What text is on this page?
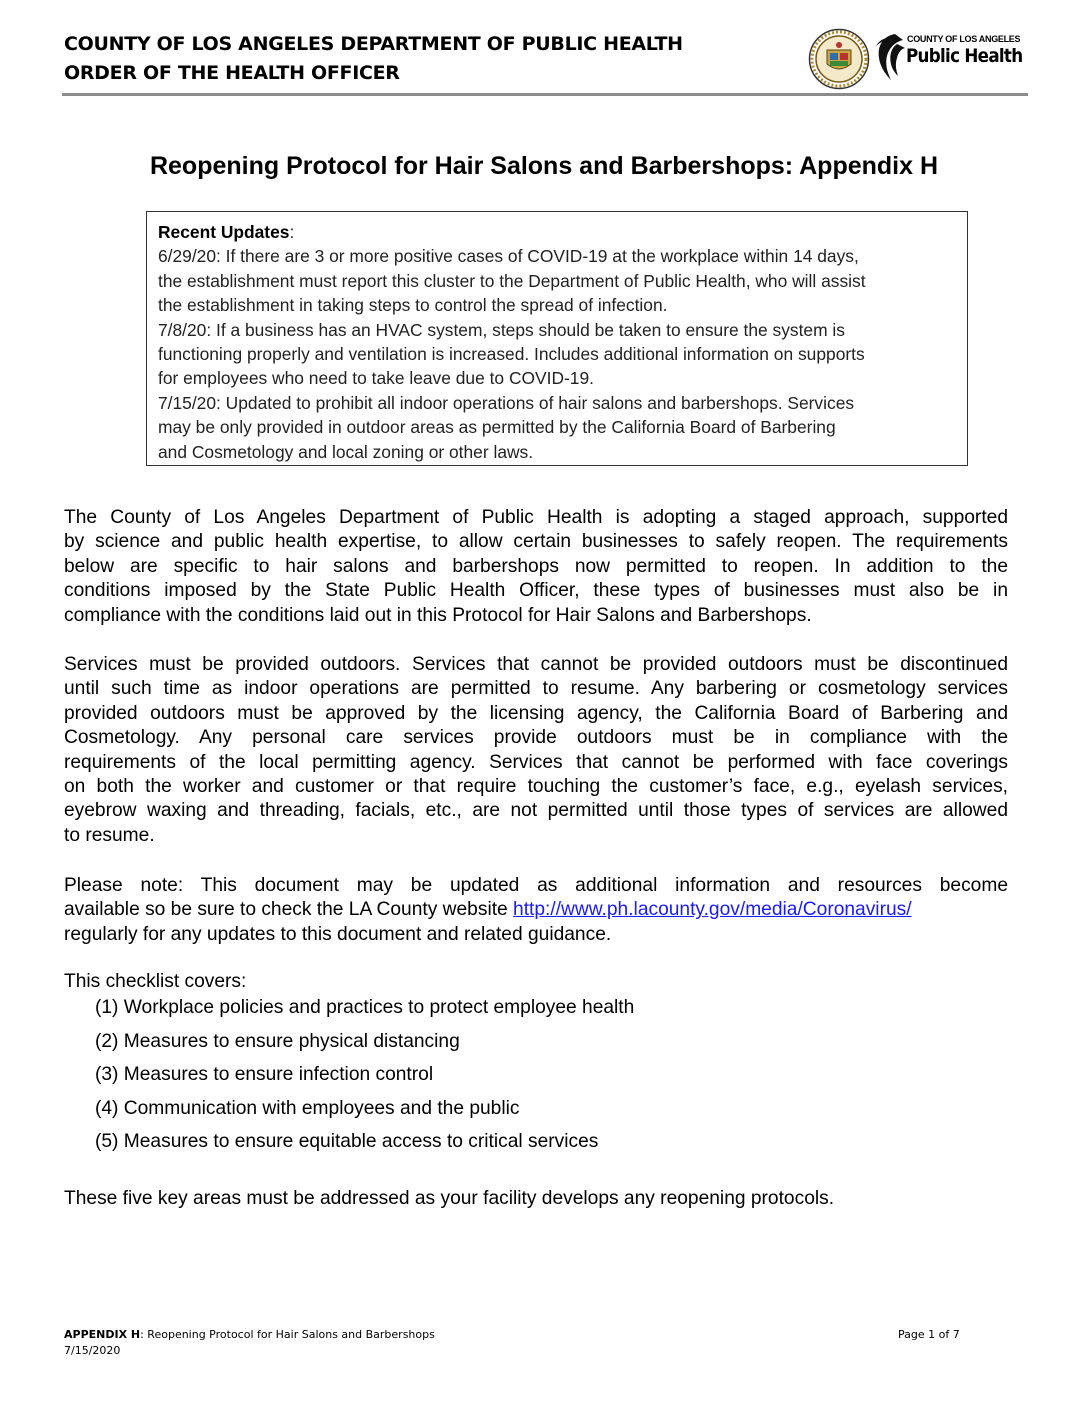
COUNTY OF LOS ANGELES DEPARTMENT OF PUBLIC HEALTH
ORDER OF THE HEALTH OFFICER
COUNTY OF LOS ANGELES
Public Health
Reopening Protocol for Hair Salons and Barbershops: Appendix H
Recent Updates:
6/29/20: If there are 3 or more positive cases of COVID-19 at the workplace within 14 days,
the establishment must report this cluster to the Department of Public Health, who will assist
the establishment in taking steps to control the spread of infection.
7/8/20: If a business has an HVAC system, steps should be taken to ensure the system is
functioning properly and ventilation is increased. Includes additional information on supports
for employees who need to take leave due to COVID-19.
7/15/20: Updated to prohibit all indoor operations of hair salons and barbershops. Services
may be only provided in outdoor areas as permitted by the California Board of Barbering
and Cosmetology and local zoning or other laws.
The County of Los Angeles Department of Public Health is adopting a staged approach, supported
by science and public health expertise, to allow certain businesses to safely reopen. The requirements
below are specific to hair salons and barbershops now permitted to reopen. In addition to the
conditions imposed by the State Public Health Officer, these types of businesses must also be in
compliance with the conditions laid out in this Protocol for Hair Salons and Barbershops.
Services must be provided outdoors. Services that cannot be provided outdoors must be discontinued
until such time as indoor operations are permitted to resume. Any barbering or cosmetology services
provided outdoors must be approved by the licensing agency, the California Board of Barbering and
Cosmetology. Any personal care services provide outdoors must be in compliance with the
requirements of the local permitting agency. Services that cannot be performed with face coverings
on both the worker and customer or that require touching the customer’s face, e.g., eyelash services,
eyebrow waxing and threading, facials, etc., are not permitted until those types of services are allowed
to resume.
Please note: This document may be updated as additional information and resources become
available so be sure to check the LA County website http://www.ph.lacounty.gov/media/Coronavirus/
regularly for any updates to this document and related guidance.
This checklist covers:
(1) Workplace policies and practices to protect employee health
(2) Measures to ensure physical distancing
(3) Measures to ensure infection control
(4) Communication with employees and the public
(5) Measures to ensure equitable access to critical services
These five key areas must be addressed as your facility develops any reopening protocols.
APPENDIX H: Reopening Protocol for Hair Salons and Barbershops
7/15/2020
Page 1 of 7
